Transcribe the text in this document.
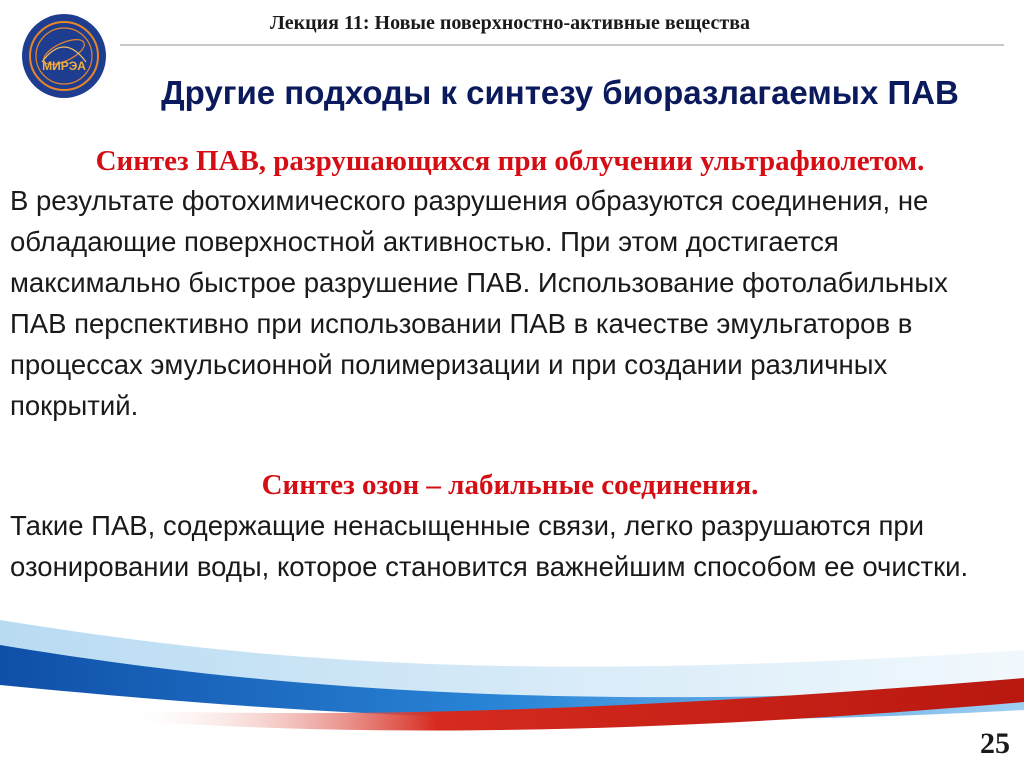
МИРЭА
Лекция 11: Новые поверхностно-активные вещества
Другие подходы к синтезу биоразлагаемых ПАВ
Синтез ПАВ, разрушающихся при облучении ультрафиолетом.

В результате фотохимического разрушения образуются соединения, не обладающие поверхностной активностью. При этом достигается максимально быстрое разрушение ПАВ. Использование фотолабильных ПАВ перспективно при использовании ПАВ в качестве эмульгаторов в процессах эмульсионной полимеризации и при создании различных покрытий.

Синтез озон – лабильные соединения.

Такие ПАВ, содержащие ненасыщенные связи, легко разрушаются при озонировании воды, которое становится важнейшим способом ее очистки.

25
